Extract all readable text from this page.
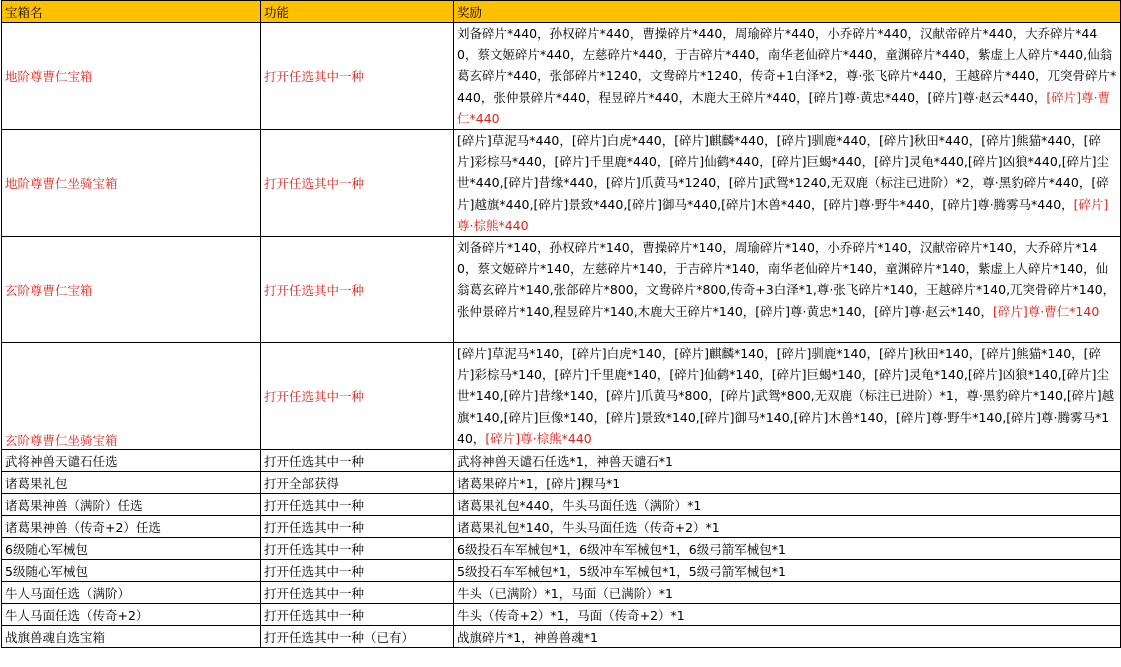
宝箱名	功能	奖励
地阶尊曹仁宝箱	打开任选其中一种	刘备碎片*440，孙权碎片*440，曹操碎片*440，周瑜碎片*440，小乔碎片*440，汉献帝碎片*440，大乔碎片*440，蔡文姬碎片*440，左慈碎片*440，于吉碎片*440，南华老仙碎片*440，童渊碎片*440，紫虚上人碎片*440,仙翁葛玄碎片*440，张郃碎片*1240，文鸯碎片*1240，传奇+1白泽*2，尊·张飞碎片*440，王越碎片*440，兀突骨碎片*440，张仲景碎片*440，程昱碎片*440，木鹿大王碎片*440，[碎片]尊·黄忠*440，[碎片]尊·赵云*440，[碎片]尊·曹仁*440
地阶尊曹仁坐骑宝箱	打开任选其中一种	[碎片]草泥马*440，[碎片]白虎*440，[碎片]麒麟*440，[碎片]驯鹿*440，[碎片]秋田*440，[碎片]熊猫*440，[碎片]彩棕马*440，[碎片]千里鹿*440，[碎片]仙鹤*440，[碎片]巨蝎*440，[碎片]灵龟*440,[碎片]凶狼*440,[碎片]尘世*440,[碎片]昔缘*440，[碎片]爪黄马*1240，[碎片]武鸳*1240,无双鹿（标注已进阶）*2，尊·黑豹碎片*440，[碎片]越旗*440,[碎片]景致*440,[碎片]御马*440,[碎片]木兽*440，[碎片]尊·野牛*440，[碎片]尊·腾雾马*440，[碎片]尊·棕熊*440
玄阶尊曹仁宝箱	打开任选其中一种	刘备碎片*140，孙权碎片*140，曹操碎片*140，周瑜碎片*140，小乔碎片*140，汉献帝碎片*140，大乔碎片*140，蔡文姬碎片*140，左慈碎片*140，于吉碎片*140，南华老仙碎片*140，童渊碎片*140，紫虚上人碎片*140，仙翁葛玄碎片*140,张郃碎片*800，文鸯碎片*800,传奇+3白泽*1,尊·张飞碎片*140，王越碎片*140,兀突骨碎片*140，张仲景碎片*140,程昱碎片*140,木鹿大王碎片*140，[碎片]尊·黄忠*140，[碎片]尊·赵云*140，[碎片]尊·曹仁*140
玄阶尊曹仁坐骑宝箱	打开任选其中一种	[碎片]草泥马*140，[碎片]白虎*140，[碎片]麒麟*140，[碎片]驯鹿*140，[碎片]秋田*140，[碎片]熊猫*140，[碎片]彩棕马*140，[碎片]千里鹿*140，[碎片]仙鹤*140，[碎片]巨蝎*140，[碎片]灵龟*140,[碎片]凶狼*140,[碎片]尘世*140,[碎片]昔缘*140，[碎片]爪黄马*800，[碎片]武鸳*800,无双鹿（标注已进阶）*1，尊·黑豹碎片*140,[碎片]越旗*140,[碎片]巨像*140，[碎片]景致*140,[碎片]御马*140,[碎片]木兽*140，[碎片]尊·野牛*140,[碎片]尊·腾雾马*140，[碎片]尊·棕熊*440
武将神兽天谴石任选	打开任选其中一种	武将神兽天谴石任选*1，神兽天谴石*1
诸葛果礼包	打开全部获得	诸葛果碎片*1，[碎片]粿马*1
诸葛果神兽（满阶）任选	打开任选其中一种	诸葛果礼包*440，牛头马面任选（满阶）*1
诸葛果神兽（传奇+2）任选	打开任选其中一种	诸葛果礼包*140，牛头马面任选（传奇+2）*1
6级随心军械包	打开任选其中一种	6级投石车军械包*1，6级冲车军械包*1，6级弓箭军械包*1
5级随心军械包	打开任选其中一种	5级投石车军械包*1，5级冲车军械包*1，5级弓箭军械包*1
牛人马面任选（满阶）	打开任选其中一种	牛头（已满阶）*1，马面（已满阶）*1
牛人马面任选（传奇+2）	打开任选其中一种	牛头（传奇+2）*1，马面（传奇+2）*1
战旗兽魂自选宝箱	打开任选其中一种（已有）	战旗碎片*1，神兽兽魂*1
